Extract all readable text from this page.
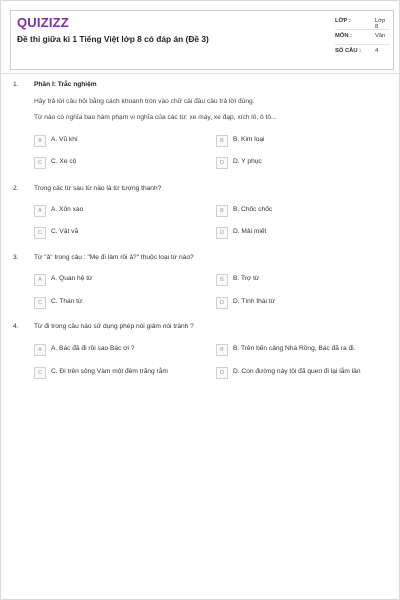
QUIZIZZ
Đề thi giữa kì 1 Tiếng Việt lớp 8 có đáp án (Đề 3)
LỚP :	Lớp 8
MÔN :	Văn
SỐ CÂU : 4
1. Phần I: Trắc nghiệm
Hãy trả lời câu hỏi bằng cách khoanh tròn vào chữ cái đầu câu trả lời đúng.
Từ nào có nghĩa bao hàm phạm vi nghĩa của các từ: xe máy, xe đạp, xích lô, ô tô...
A	A. Vũ khí	B	B. Kim loại
C	C. Xe cộ	D	D. Y phục
2. Trong các từ sau từ nào là từ tượng thanh?
A	A. Xôn xao	B	B. Chốc chốc
C	C. Vật vã	D	D. Mải miết
3. Từ "ả" trong câu : "Mẹ đi làm rồi ả?" thuộc loại từ nào?
A	A. Quan hệ từ	B	B. Trợ từ
C	C. Thán từ	D	D. Tình thái từ
4. Từ đi trong câu nào sử dụng phép nói giảm nói tránh ?
A	A. Bác đã đi rồi sao Bác ơi ?	B	B. Trên bến cảng Nhà Rồng, Bác đã ra đi.
C	C. Đi trên sông Vàm một đêm trăng rằm	D	D. Con đường này tôi đã quen đi lại lắm lần
